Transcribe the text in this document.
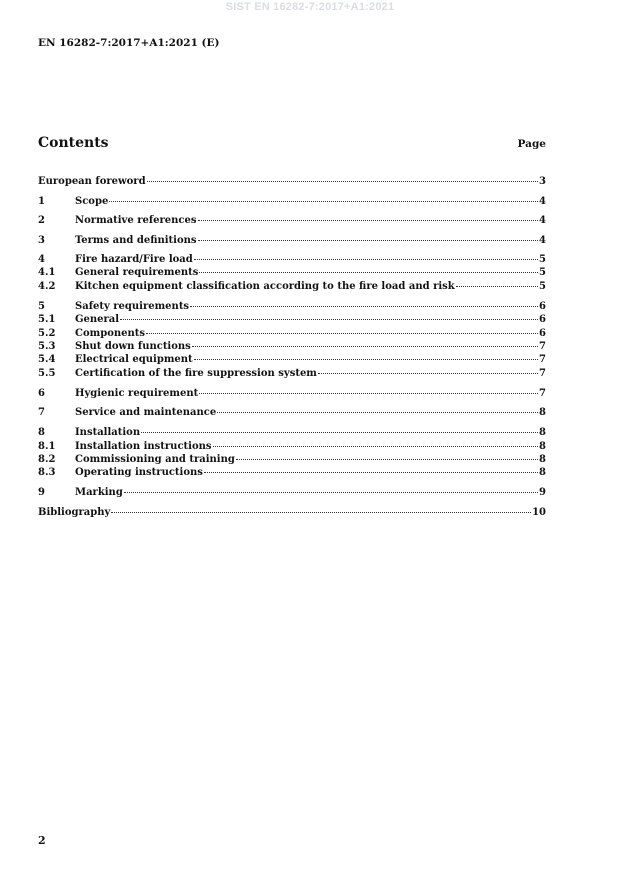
SIST EN 16282-7:2017+A1:2021
EN 16282-7:2017+A1:2021 (E)
Contents	Page
European foreword	3
1	Scope	4
2	Normative references	4
3	Terms and definitions	4
4	Fire hazard/Fire load	5
4.1	General requirements	5
4.2	Kitchen equipment classification according to the fire load and risk	5
5	Safety requirements	6
5.1	General	6
5.2	Components	6
5.3	Shut down functions	7
5.4	Electrical equipment	7
5.5	Certification of the fire suppression system	7
6	Hygienic requirement	7
7	Service and maintenance	8
8	Installation	8
8.1	Installation instructions	8
8.2	Commissioning and training	8
8.3	Operating instructions	8
9	Marking	9
Bibliography	10
2
